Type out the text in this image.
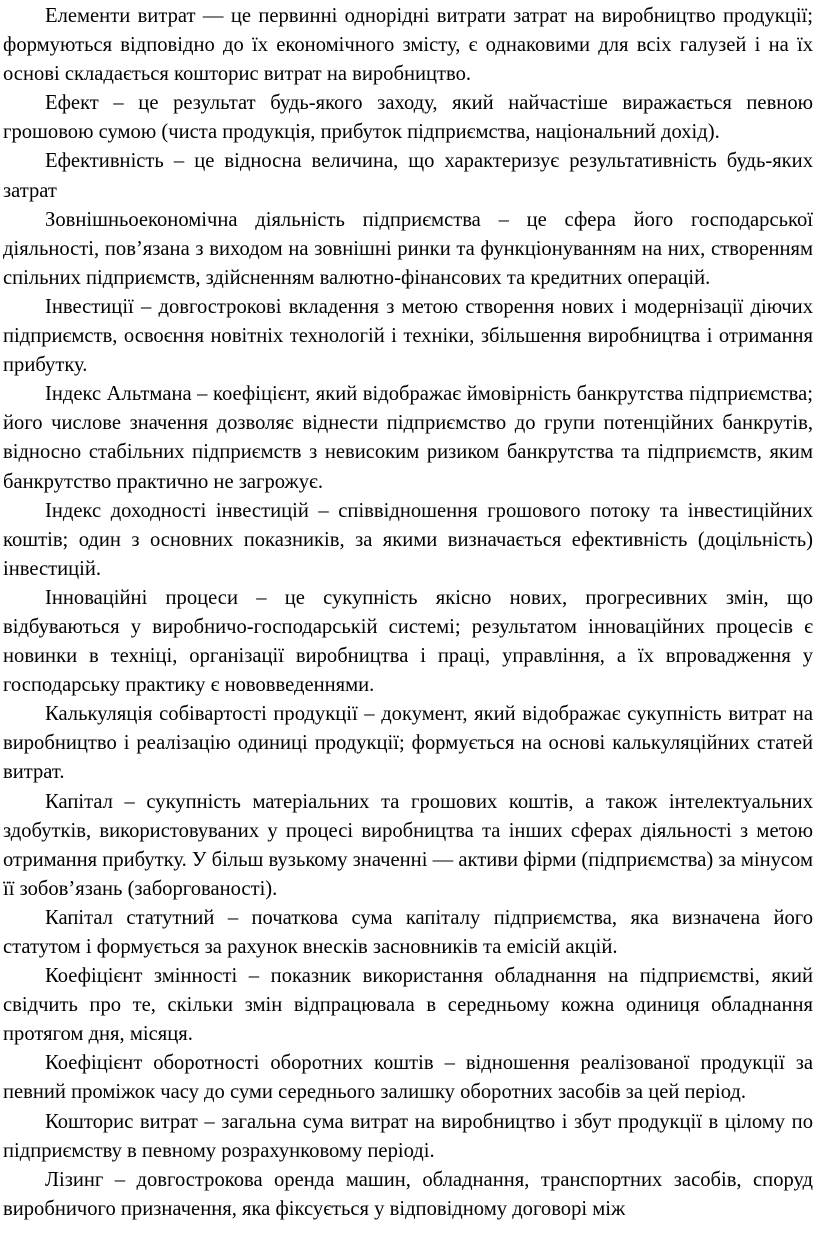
Елементи витрат — це первинні однорідні витрати затрат на виробництво продукції; формуються відповідно до їх економічного змісту, є однаковими для всіх галузей і на їх основі складається кошторис витрат на виробництво.

Ефект – це результат будь-якого заходу, який найчастіше виражається певною грошовою сумою (чиста продукція, прибуток підприємства, національний дохід).

Ефективність – це відносна величина, що характеризує результативність будь-яких затрат

Зовнішньоекономічна діяльність підприємства – це сфера його господарської діяльності, пов’язана з виходом на зовнішні ринки та функціонуванням на них, створенням спільних підприємств, здійсненням валютно-фінансових та кредитних операцій.

Інвестиції – довгострокові вкладення з метою створення нових і модернізації діючих підприємств, освоєння новітніх технологій і техніки, збільшення виробництва і отримання прибутку.

Індекс Альтмана – коефіцієнт, який відображає ймовірність банкрутства підприємства; його числове значення дозволяє віднести підприємство до групи потенційних банкрутів, відносно стабільних підприємств з невисоким ризиком банкрутства та підприємств, яким банкрутство практично не загрожує.

Індекс доходності інвестицій – співвідношення грошового потоку та інвестиційних коштів; один з основних показників, за якими визначається ефективність (доцільність) інвестицій.

Інноваційні процеси – це сукупність якісно нових, прогресивних змін, що відбуваються у виробничо-господарській системі; результатом інноваційних процесів є новинки в техніці, організації виробництва і праці, управління, а їх впровадження у господарську практику є нововведеннями.

Калькуляція собівартості продукції – документ, який відображає сукупність витрат на виробництво і реалізацію одиниці продукції; формується на основі калькуляційних статей витрат.

Капітал – сукупність матеріальних та грошових коштів, а також інтелектуальних здобутків, використовуваних у процесі виробництва та інших сферах діяльності з метою отримання прибутку. У більш вузькому значенні — активи фірми (підприємства) за мінусом її зобов’язань (заборгованості).

Капітал статутний – початкова сума капіталу підприємства, яка визначена його статутом і формується за рахунок внесків засновників та емісій акцій.

Коефіцієнт змінності – показник використання обладнання на підприємстві, який свідчить про те, скільки змін відпрацювала в середньому кожна одиниця обладнання протягом дня, місяця.

Коефіцієнт оборотності оборотних коштів – відношення реалізованої продукції за певний проміжок часу до суми середнього залишку оборотних засобів за цей період.

Кошторис витрат – загальна сума витрат на виробництво і збут продукції в цілому по підприємству в певному розрахунковому періоді.

Лізинг – довгострокова оренда машин, обладнання, транспортних засобів, споруд виробничого призначення, яка фіксується у відповідному договорі між
